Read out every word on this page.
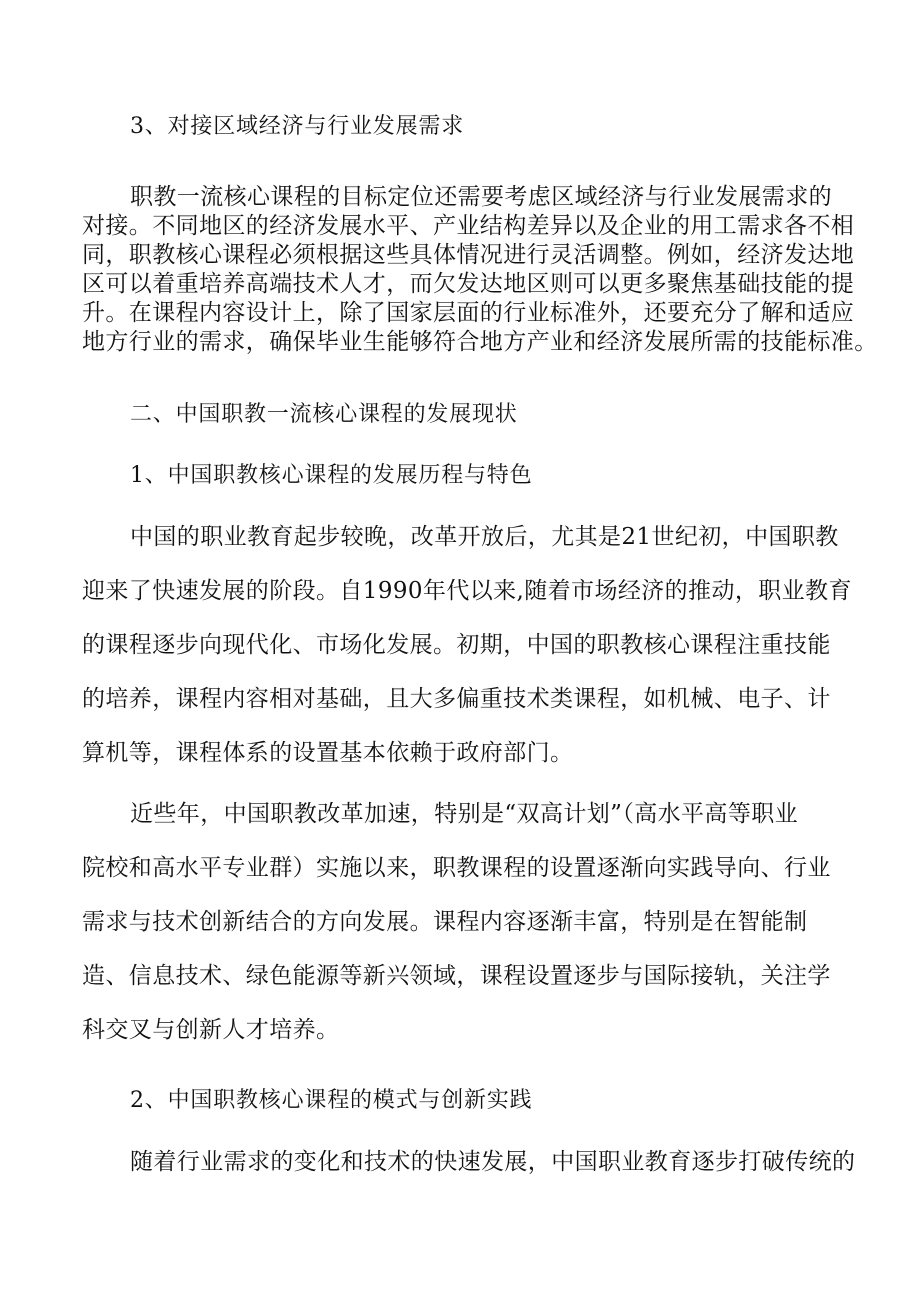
3、对接区域经济与行业发展需求
职教一流核心课程的目标定位还需要考虑区域经济与行业发展需求的
对接。不同地区的经济发展水平、产业结构差异以及企业的用工需求各不相
同，职教核心课程必须根据这些具体情况进行灵活调整。例如，经济发达地
区可以着重培养高端技术人才，而欠发达地区则可以更多聚焦基础技能的提
升。在课程内容设计上，除了国家层面的行业标准外，还要充分了解和适应
地方行业的需求，确保毕业生能够符合地方产业和经济发展所需的技能标准。
二、中国职教一流核心课程的发展现状
1、中国职教核心课程的发展历程与特色
中国的职业教育起步较晚，改革开放后，尤其是21世纪初，中国职教
迎来了快速发展的阶段。自1990年代以来,随着市场经济的推动，职业教育
的课程逐步向现代化、市场化发展。初期，中国的职教核心课程注重技能
的培养，课程内容相对基础，且大多偏重技术类课程，如机械、电子、计
算机等，课程体系的设置基本依赖于政府部门。
近些年，中国职教改革加速，特别是“双高计划”（高水平高等职业
院校和高水平专业群）实施以来，职教课程的设置逐渐向实践导向、行业
需求与技术创新结合的方向发展。课程内容逐渐丰富，特别是在智能制
造、信息技术、绿色能源等新兴领域，课程设置逐步与国际接轨，关注学
科交叉与创新人才培养。
2、中国职教核心课程的模式与创新实践
随着行业需求的变化和技术的快速发展，中国职业教育逐步打破传统的
